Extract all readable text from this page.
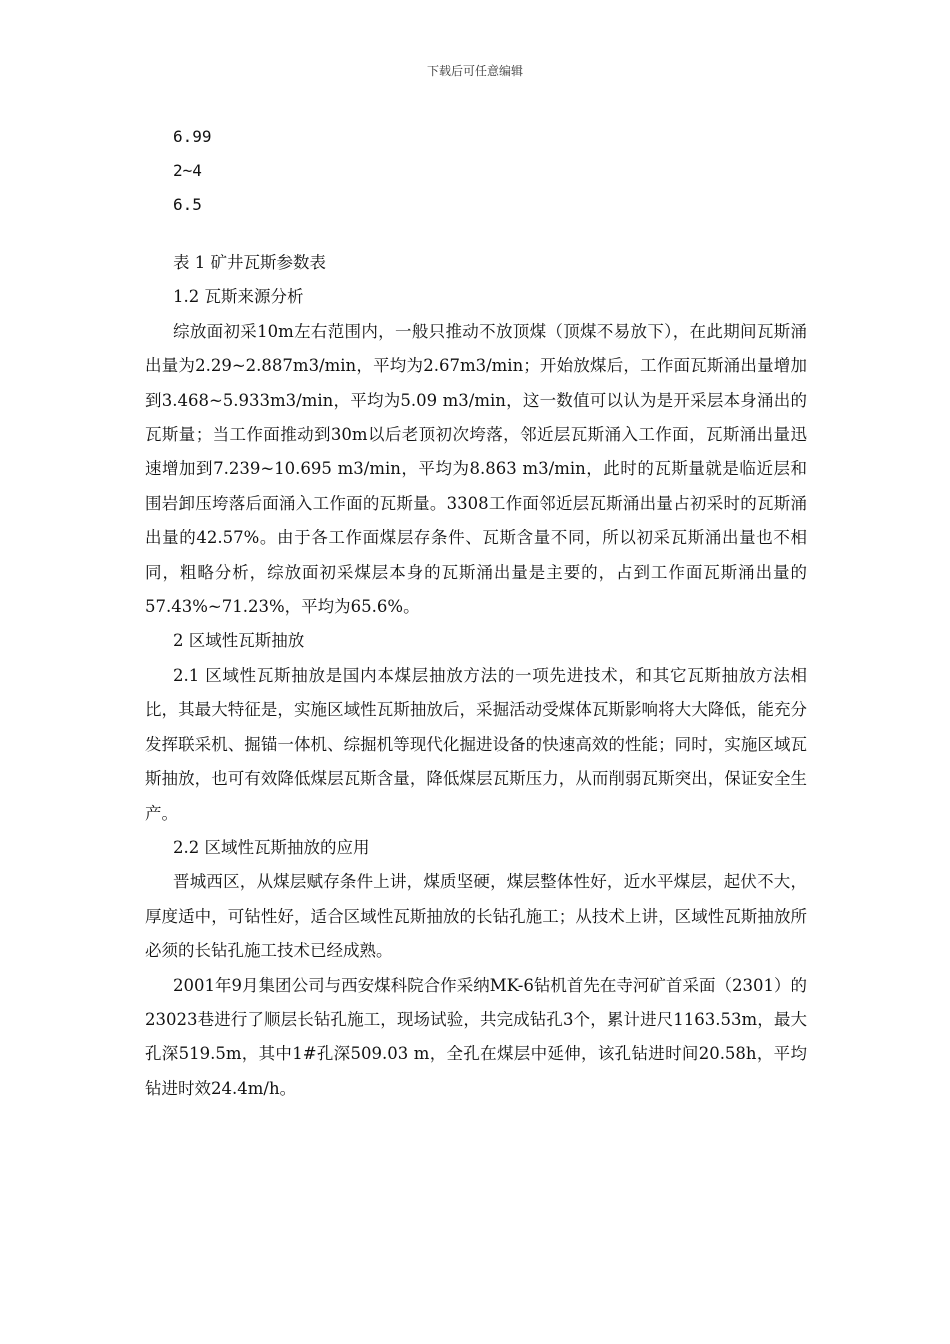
下载后可任意编辑
6.99
2~4
6.5

表 1 矿井瓦斯参数表

1.2 瓦斯来源分析

综放面初采10m左右范围内，一般只推动不放顶煤（顶煤不易放下），在此期间瓦斯涌出量为2.29~2.887m3/min，平均为2.67m3/min；开始放煤后，工作面瓦斯涌出量增加到3.468~5.933m3/min，平均为5.09 m3/min，这一数值可以认为是开采层本身涌出的瓦斯量；当工作面推动到30m以后老顶初次垮落，邻近层瓦斯涌入工作面，瓦斯涌出量迅速增加到7.239~10.695 m3/min，平均为8.863 m3/min，此时的瓦斯量就是临近层和围岩卸压垮落后面涌入工作面的瓦斯量。3308工作面邻近层瓦斯涌出量占初采时的瓦斯涌出量的42.57%。由于各工作面煤层存条件、瓦斯含量不同，所以初采瓦斯涌出量也不相同，粗略分析，综放面初采煤层本身的瓦斯涌出量是主要的，占到工作面瓦斯涌出量的57.43%~71.23%，平均为65.6%。

2 区域性瓦斯抽放

2.1 区域性瓦斯抽放是国内本煤层抽放方法的一项先进技术，和其它瓦斯抽放方法相比，其最大特征是，实施区域性瓦斯抽放后，采掘活动受煤体瓦斯影响将大大降低，能充分发挥联采机、掘锚一体机、综掘机等现代化掘进设备的快速高效的性能；同时，实施区域瓦斯抽放，也可有效降低煤层瓦斯含量，降低煤层瓦斯压力，从而削弱瓦斯突出，保证安全生产。

2.2 区域性瓦斯抽放的应用

晋城西区，从煤层赋存条件上讲，煤质坚硬，煤层整体性好，近水平煤层，起伏不大，厚度适中，可钻性好，适合区域性瓦斯抽放的长钻孔施工；从技术上讲，区域性瓦斯抽放所必须的长钻孔施工技术已经成熟。

2001年9月集团公司与西安煤科院合作采纳MK-6钻机首先在寺河矿首采面（2301）的23023巷进行了顺层长钻孔施工，现场试验，共完成钻孔3个，累计进尺1163.53m，最大孔深519.5m，其中1#孔深509.03 m，全孔在煤层中延伸，该孔钻进时间20.58h，平均钻进时效24.4m/h。
